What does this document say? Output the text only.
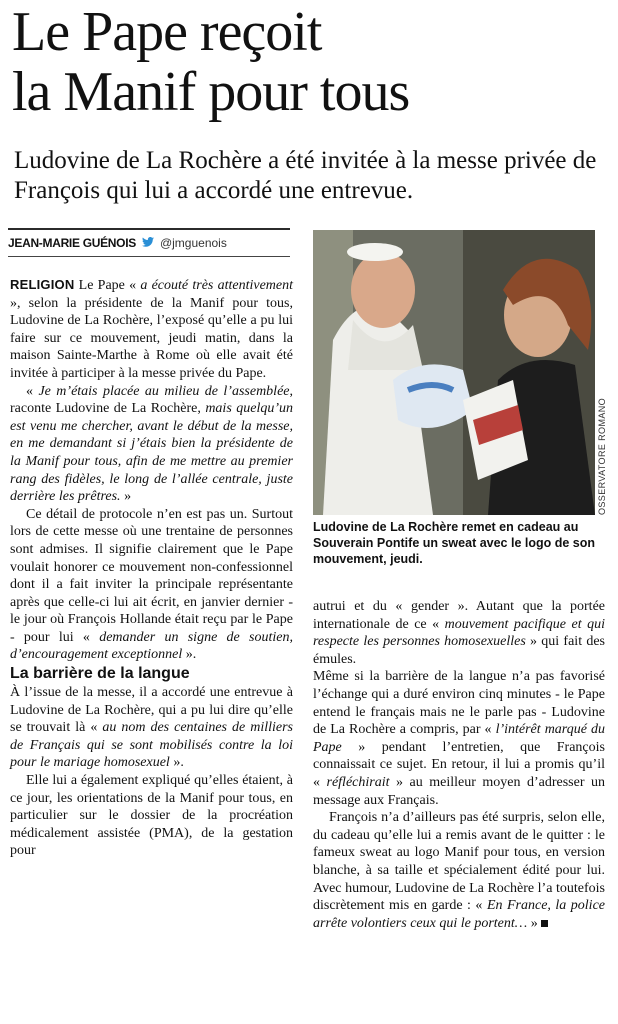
Le Pape reçoit
la Manif pour tous

Ludovine de La Rochère a été invitée à la messe privée de François qui lui a accordé une entrevue.

JEAN-MARIE GUÉNOIS @jmguenois
OSSERVATORE ROMANO

Ludovine de La Rochère remet en cadeau au Souverain Pontife un sweat avec le logo de son mouvement, jeudi.

RELIGION Le Pape « a écouté très attentivement », selon la présidente de la Manif pour tous, Ludovine de La Rochère, l’exposé qu’elle a pu lui faire sur ce mouvement, jeudi matin, dans la maison Sainte-Marthe à Rome où elle avait été invitée à participer à la messe privée du Pape.

« Je m’étais placée au milieu de l’assemblée, raconte Ludovine de La Rochère, mais quelqu’un est venu me chercher, avant le début de la messe, en me demandant si j’étais bien la présidente de la Manif pour tous, afin de me mettre au premier rang des fidèles, le long de l’allée centrale, juste derrière les prêtres. »

Ce détail de protocole n’en est pas un. Surtout lors de cette messe où une trentaine de personnes sont admises. Il signifie clairement que le Pape voulait honorer ce mouvement non-confessionnel dont il a fait inviter la principale représentante après que celle-ci lui ait écrit, en janvier dernier - le jour où François Hollande était reçu par le Pape - pour lui « demander un signe de soutien, d’encouragement exceptionnel ».

La barrière de la langue

À l’issue de la messe, il a accordé une entrevue à Ludovine de La Rochère, qui a pu lui dire qu’elle se trouvait là « au nom des centaines de milliers de Français qui se sont mobilisés contre la loi pour le mariage homosexuel ».

Elle lui a également expliqué qu’elles étaient, à ce jour, les orientations de la Manif pour tous, en particulier sur le dossier de la procréation médicalement assistée (PMA), de la gestation pour

autrui et du « gender ». Autant que la portée internationale de ce « mouvement pacifique et qui respecte les personnes homosexuelles » qui fait des émules.

Même si la barrière de la langue n’a pas favorisé l’échange qui a duré environ cinq minutes - le Pape entend le français mais ne le parle pas - Ludovine de La Rochère a compris, par « l’intérêt marqué du Pape » pendant l’entretien, que François connaissait ce sujet. En retour, il lui a promis qu’il « réfléchirait » au meilleur moyen d’adresser un message aux Français.

François n’a d’ailleurs pas été surpris, selon elle, du cadeau qu’elle lui a remis avant de le quitter : le fameux sweat au logo Manif pour tous, en version blanche, à sa taille et spécialement édité pour lui. Avec humour, Ludovine de La Rochère l’a toutefois discrètement mis en garde : « En France, la police arrête volontiers ceux qui le portent… »
